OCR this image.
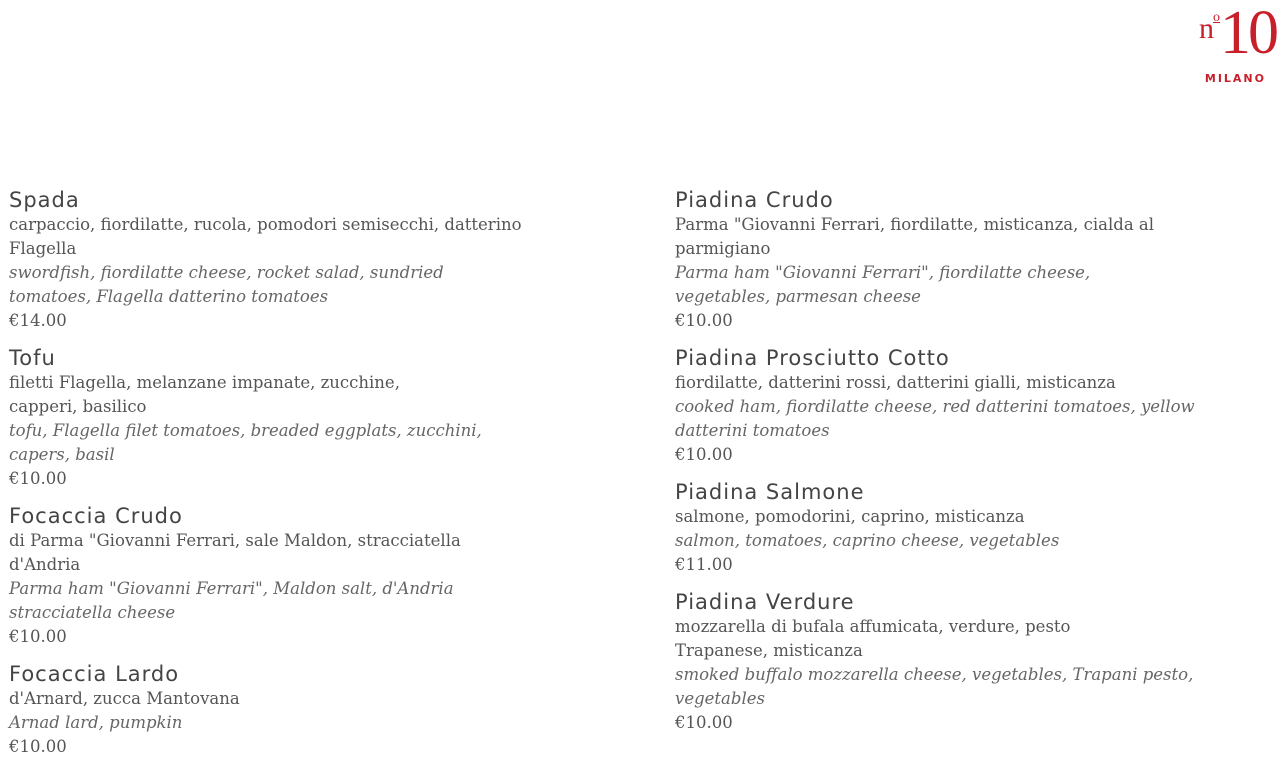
no10
MILANO
Spada

carpaccio, fiordilatte, rucola, pomodori semisecchi, datterino Flagella

swordfish, fiordilatte cheese, rocket salad, sundried tomatoes, Flagella datterino tomatoes

€14.00

Tofu

filetti Flagella, melanzane impanate, zucchine, capperi, basilico

tofu, Flagella filet tomatoes, breaded eggplats, zucchini, capers, basil

€10.00

Focaccia Crudo

di Parma "Giovanni Ferrari, sale Maldon, stracciatella d'Andria

Parma ham "Giovanni Ferrari", Maldon salt, d'Andria stracciatella cheese

€10.00

Focaccia Lardo

d'Arnard, zucca Mantovana

Arnad lard, pumpkin

€10.00

Piadina Crudo

Parma "Giovanni Ferrari, fiordilatte, misticanza, cialda al parmigiano

Parma ham "Giovanni Ferrari", fiordilatte cheese, vegetables, parmesan cheese

€10.00

Piadina Prosciutto Cotto

fiordilatte, datterini rossi, datterini gialli, misticanza

cooked ham, fiordilatte cheese, red datterini tomatoes, yellow datterini tomatoes

€10.00

Piadina Salmone

salmone, pomodorini, caprino, misticanza

salmon, tomatoes, caprino cheese, vegetables

€11.00

Piadina Verdure

mozzarella di bufala affumicata, verdure, pesto Trapanese, misticanza

smoked buffalo mozzarella cheese, vegetables, Trapani pesto, vegetables

€10.00
